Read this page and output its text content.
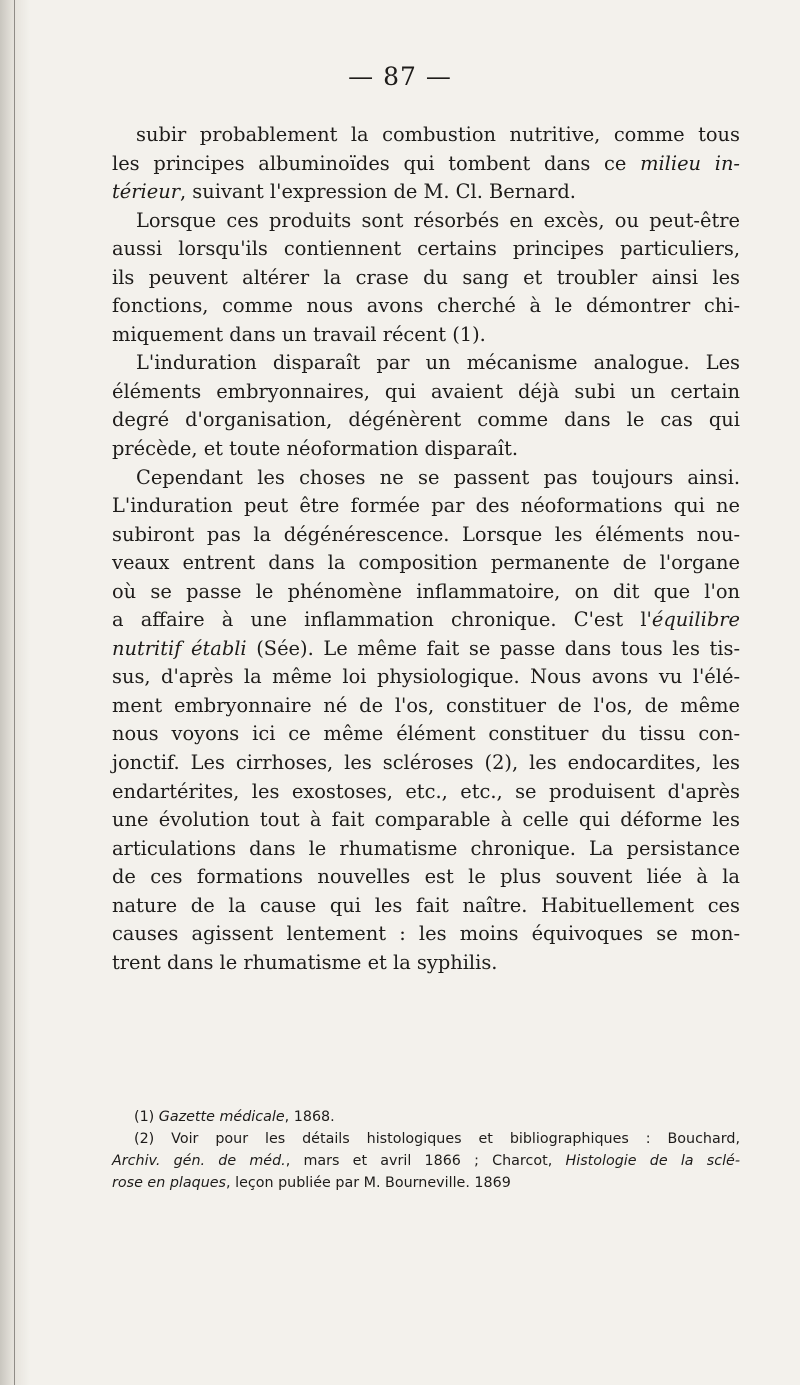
— 87 —
subir probablement la combustion nutritive, comme tous
les principes albuminoïdes qui tombent dans ce milieu in-
térieur, suivant l'expression de M. Cl. Bernard.
Lorsque ces produits sont résorbés en excès, ou peut-être
aussi lorsqu'ils contiennent certains principes particuliers,
ils peuvent altérer la crase du sang et troubler ainsi les
fonctions, comme nous avons cherché à le démontrer chi-
miquement dans un travail récent (1).
L'induration disparaît par un mécanisme analogue. Les
éléments embryonnaires, qui avaient déjà subi un certain
degré d'organisation, dégénèrent comme dans le cas qui
précède, et toute néoformation disparaît.
Cependant les choses ne se passent pas toujours ainsi.
L'induration peut être formée par des néoformations qui ne
subiront pas la dégénérescence. Lorsque les éléments nou-
veaux entrent dans la composition permanente de l'organe
où se passe le phénomène inflammatoire, on dit que l'on
a affaire à une inflammation chronique. C'est l'équilibre
nutritif établi (Sée). Le même fait se passe dans tous les tis-
sus, d'après la même loi physiologique. Nous avons vu l'élé-
ment embryonnaire né de l'os, constituer de l'os, de même
nous voyons ici ce même élément constituer du tissu con-
jonctif. Les cirrhoses, les scléroses (2), les endocardites, les
endartérites, les exostoses, etc., etc., se produisent d'après
une évolution tout à fait comparable à celle qui déforme les
articulations dans le rhumatisme chronique. La persistance
de ces formations nouvelles est le plus souvent liée à la
nature de la cause qui les fait naître. Habituellement ces
causes agissent lentement : les moins équivoques se mon-
trent dans le rhumatisme et la syphilis.
(1) Gazette médicale, 1868.
(2) Voir pour les détails histologiques et bibliographiques : Bouchard,
Archiv. gén. de méd., mars et avril 1866 ; Charcot, Histologie de la sclé-
rose en plaques, leçon publiée par M. Bourneville. 1869
